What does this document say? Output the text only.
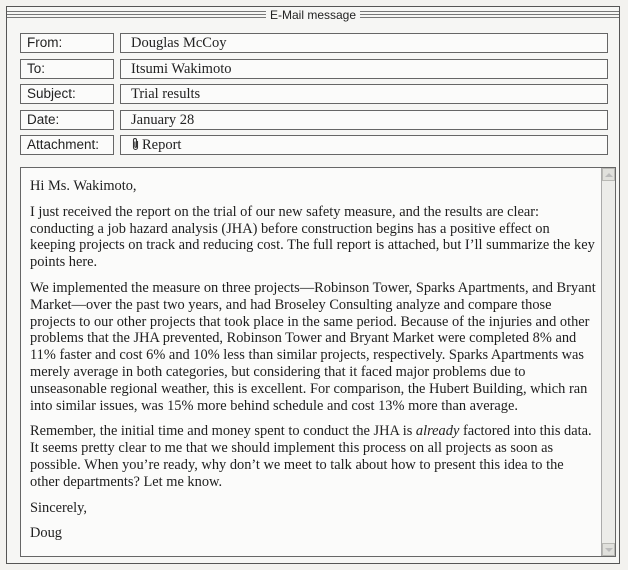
E-Mail message
From:	Douglas McCoy
To:	Itsumi Wakimoto
Subject:	Trial results
Date:	January 28
Attachment:	Report

Hi Ms. Wakimoto,

I just received the report on the trial of our new safety measure, and the results are clear: conducting a job hazard analysis (JHA) before construction begins has a positive effect on keeping projects on track and reducing cost. The full report is attached, but I’ll summarize the key points here.

We implemented the measure on three projects—Robinson Tower, Sparks Apartments, and Bryant Market—over the past two years, and had Broseley Consulting analyze and compare those projects to our other projects that took place in the same period. Because of the injuries and other problems that the JHA prevented, Robinson Tower and Bryant Market were completed 8% and 11% faster and cost 6% and 10% less than similar projects, respectively. Sparks Apartments was merely average in both categories, but considering that it faced major problems due to unseasonable regional weather, this is excellent. For comparison, the Hubert Building, which ran into similar issues, was 15% more behind schedule and cost 13% more than average.

Remember, the initial time and money spent to conduct the JHA is already factored into this data. It seems pretty clear to me that we should implement this process on all projects as soon as possible. When you’re ready, why don’t we meet to talk about how to present this idea to the other departments? Let me know.

Sincerely,

Doug
